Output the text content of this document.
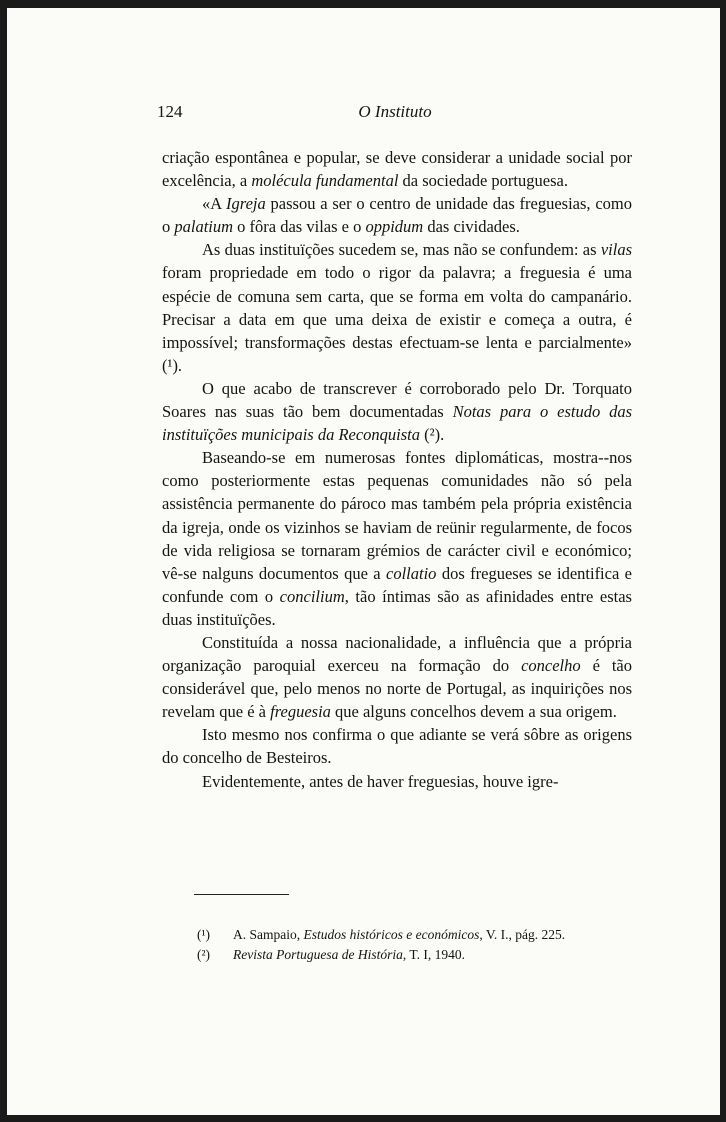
124	O Instituto

criação espontânea e popular, se deve considerar a unidade social por excelência, a molécula fundamental da sociedade portuguesa.

«A Igreja passou a ser o centro de unidade das freguesias, como o palatium o fôra das vilas e o oppidum das cividades.

As duas instituïções sucedem se, mas não se confundem: as vilas foram propriedade em todo o rigor da palavra; a freguesia é uma espécie de comuna sem carta, que se forma em volta do campanário. Precisar a data em que uma deixa de existir e começa a outra, é impossível; transformações destas efectuam-se lenta e parcialmente» (¹).

O que acabo de transcrever é corroborado pelo Dr. Torquato Soares nas suas tão bem documentadas Notas para o estudo das instituïções municipais da Reconquista (²).

Baseando-se em numerosas fontes diplomáticas, mostra--nos como posteriormente estas pequenas comunidades não só pela assistência permanente do pároco mas também pela própria existência da igreja, onde os vizinhos se haviam de reünir regularmente, de focos de vida religiosa se tornaram grémios de carácter civil e económico; vê-se nalguns documentos que a collatio dos fregueses se identifica e confunde com o concilium, tão íntimas são as afinidades entre estas duas instituïções.

Constituída a nossa nacionalidade, a influência que a própria organização paroquial exerceu na formação do concelho é tão considerável que, pelo menos no norte de Portugal, as inquirições nos revelam que é à freguesia que alguns concelhos devem a sua origem.

Isto mesmo nos confirma o que adiante se verá sôbre as origens do concelho de Besteiros.

Evidentemente, antes de haver freguesias, houve igre-

(¹) A. Sampaio, Estudos históricos e económicos, V. I., pág. 225.
(²) Revista Portuguesa de História, T. I, 1940.
